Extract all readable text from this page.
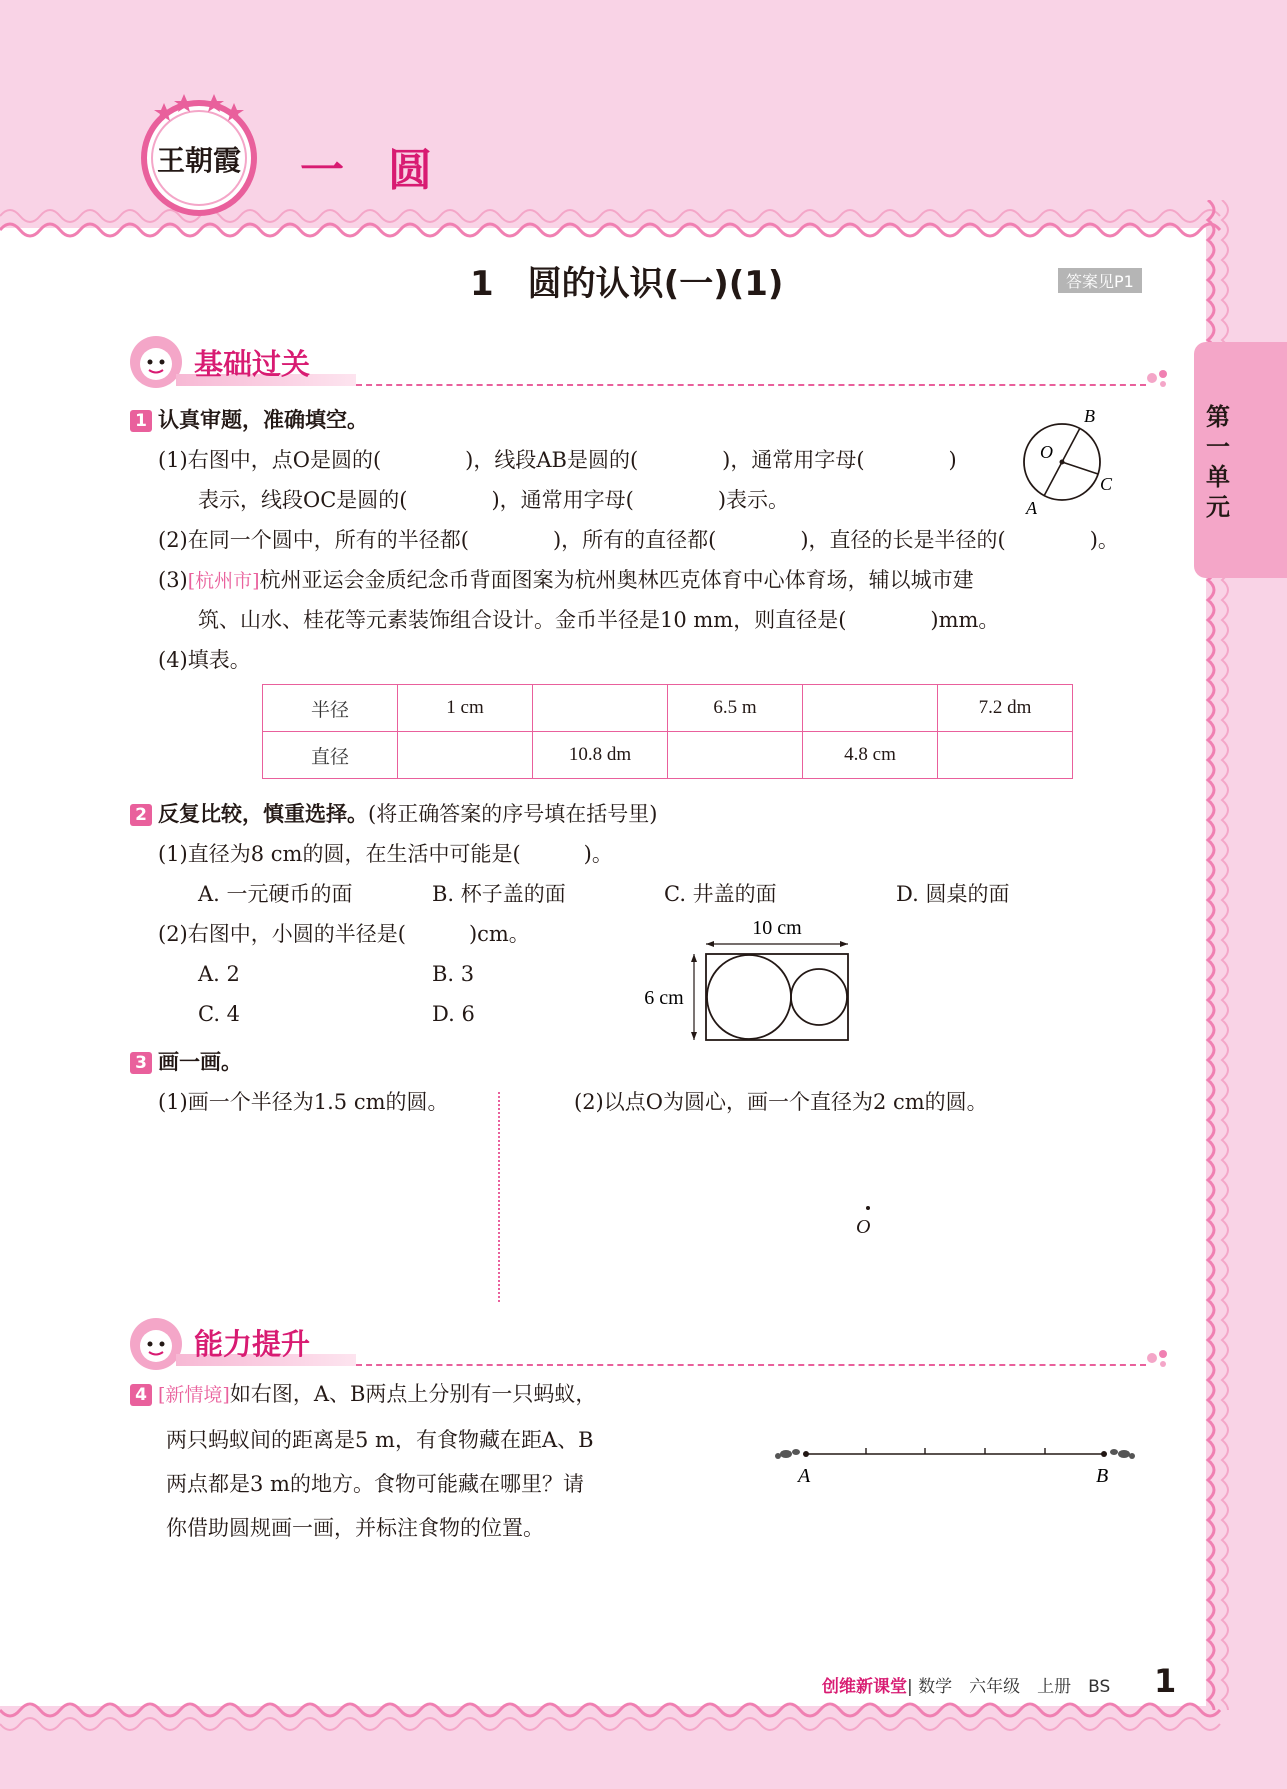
王朝霞 一　圆
1　圆的认识(一)(1)	答案见P1
第一单元
基础过关
1 认真审题，准确填空。
(1)右图中，点O是圆的(　　　　)，线段AB是圆的(　　　　)，通常用字母(　　　　)
表示，线段OC是圆的(　　　　)，通常用字母(　　　　)表示。
O
B
C
A
(2)在同一个圆中，所有的半径都(　　　　)，所有的直径都(　　　　)，直径的长是半径的(　　　　)。
(3)[杭州市]杭州亚运会金质纪念币背面图案为杭州奥林匹克体育中心体育场，辅以城市建
筑、山水、桂花等元素装饰组合设计。金币半径是10 mm，则直径是(　　　　)mm。
(4)填表。
半径	1 cm		6.5 m		7.2 dm
直径		10.8 dm		4.8 cm	
2 反复比较，慎重选择。(将正确答案的序号填在括号里)
(1)直径为8 cm的圆，在生活中可能是(　　　)。
A. 一元硬币的面	B. 杯子盖的面	C. 井盖的面	D. 圆桌的面
(2)右图中，小圆的半径是(　　　)cm。
A. 2	B. 3
C. 4	D. 6
10 cm
6 cm
3 画一画。
(1)画一个半径为1.5 cm的圆。	(2)以点O为圆心，画一个直径为2 cm的圆。
O
能力提升
4 [新情境]如右图，A、B两点上分别有一只蚂蚁，
两只蚂蚁间的距离是5 m，有食物藏在距A、B
两点都是3 m的地方。食物可能藏在哪里？请
你借助圆规画一画，并标注食物的位置。
A	B
创维新课堂| 数学　六年级　上册　BS 1
